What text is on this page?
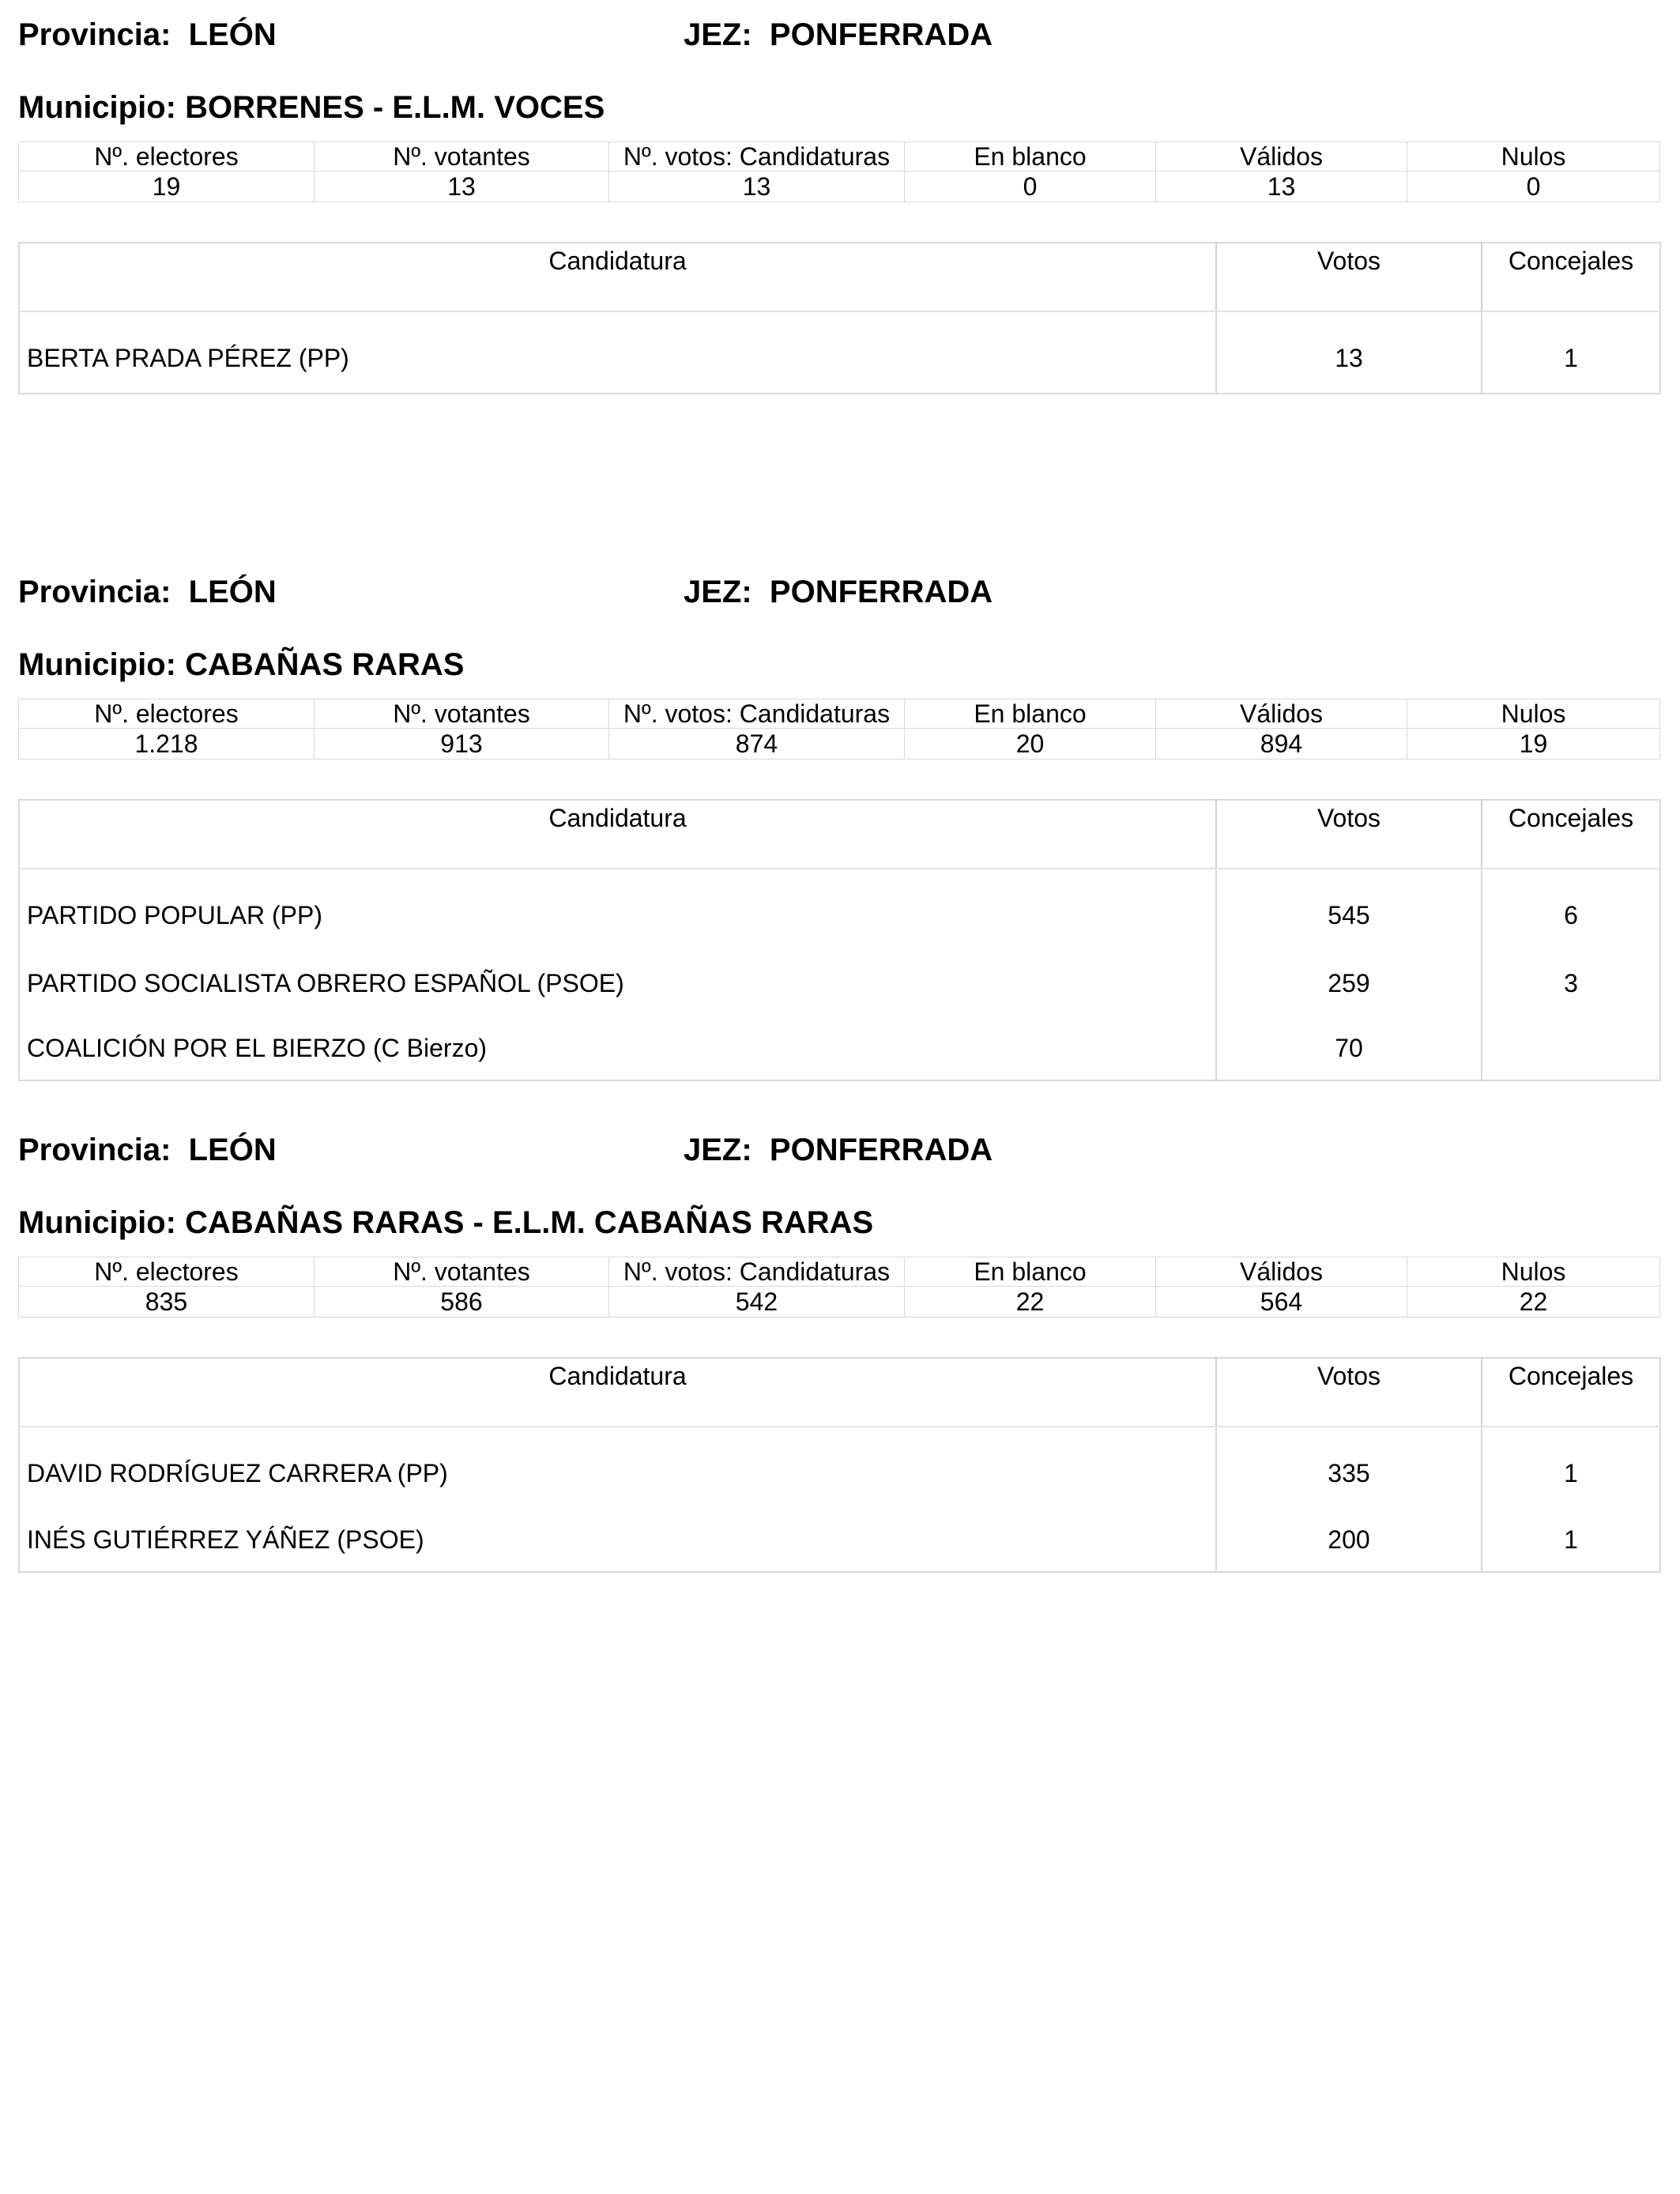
Provincia: LEÓN	JEZ: PONFERRADA
Municipio: BORRENES - E.L.M. VOCES
Nº. electores	Nº. votantes	Nº. votos: Candidaturas	En blanco	Válidos	Nulos
19	13	13	0	13	0
Candidatura	Votos	Concejales
BERTA PRADA PÉREZ (PP)	13	1
Provincia: LEÓN	JEZ: PONFERRADA
Municipio: CABAÑAS RARAS
Nº. electores	Nº. votantes	Nº. votos: Candidaturas	En blanco	Válidos	Nulos
1.218	913	874	20	894	19
Candidatura	Votos	Concejales
PARTIDO POPULAR (PP)	545	6
PARTIDO SOCIALISTA OBRERO ESPAÑOL (PSOE)	259	3
COALICIÓN POR EL BIERZO (C Bierzo)	70	
Provincia: LEÓN	JEZ: PONFERRADA
Municipio: CABAÑAS RARAS - E.L.M. CABAÑAS RARAS
Nº. electores	Nº. votantes	Nº. votos: Candidaturas	En blanco	Válidos	Nulos
835	586	542	22	564	22
Candidatura	Votos	Concejales
DAVID RODRÍGUEZ CARRERA (PP)	335	1
INÉS GUTIÉRREZ YÁÑEZ (PSOE)	200	1
